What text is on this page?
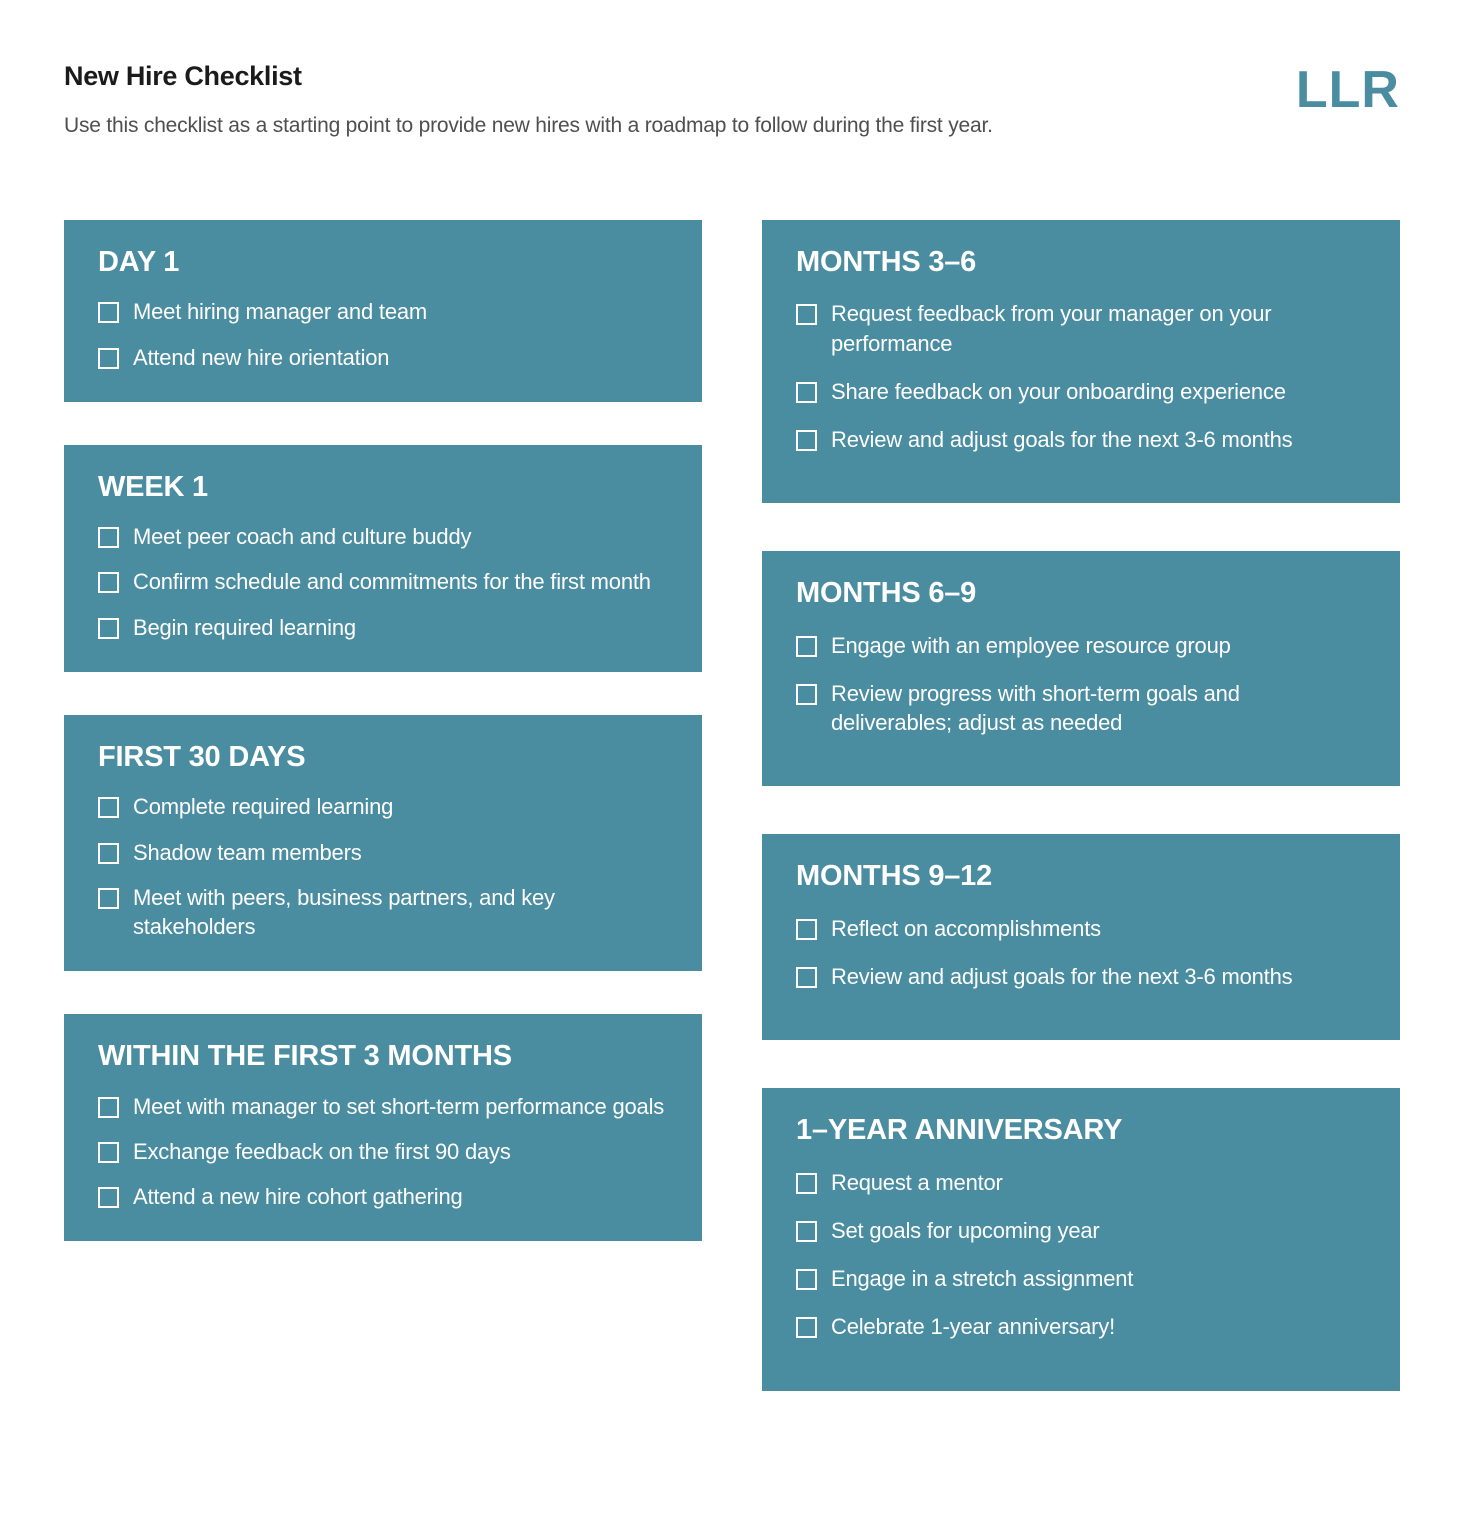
New Hire Checklist

Use this checklist as a starting point to provide new hires with a roadmap to follow during the first year.

LLR
DAY 1
Meet hiring manager and team
Attend new hire orientation
WEEK 1
Meet peer coach and culture buddy
Confirm schedule and commitments for the first month
Begin required learning
FIRST 30 DAYS
Complete required learning
Shadow team members
Meet with peers, business partners, and key stakeholders
WITHIN THE FIRST 3 MONTHS
Meet with manager to set short-term performance goals
Exchange feedback on the first 90 days
Attend a new hire cohort gathering
MONTHS 3–6
Request feedback from your manager on your performance
Share feedback on your onboarding experience
Review and adjust goals for the next 3-6 months
MONTHS 6–9
Engage with an employee resource group
Review progress with short-term goals and deliverables; adjust as needed
MONTHS 9–12
Reflect on accomplishments
Review and adjust goals for the next 3-6 months
1–YEAR ANNIVERSARY
Request a mentor
Set goals for upcoming year
Engage in a stretch assignment
Celebrate 1-year anniversary!
